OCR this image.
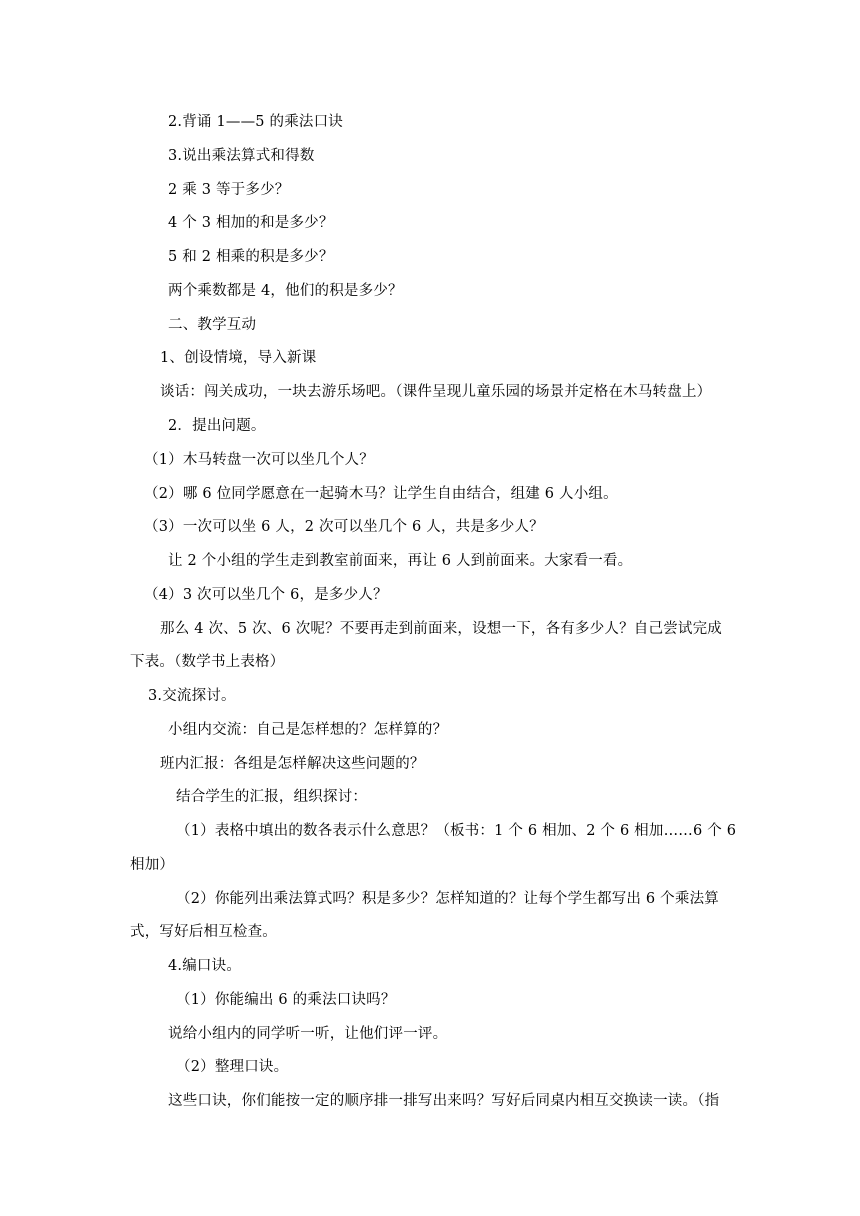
2.背诵 1——5 的乘法口诀
3.说出乘法算式和得数
2 乘 3 等于多少？
4 个 3 相加的和是多少？
5 和 2 相乘的积是多少？
两个乘数都是 4，他们的积是多少？
二、教学互动
1、创设情境，导入新课
谈话：闯关成功，一块去游乐场吧。（课件呈现儿童乐园的场景并定格在木马转盘上）
2．提出问题。
（1）木马转盘一次可以坐几个人？
（2）哪 6 位同学愿意在一起骑木马？让学生自由结合，组建 6 人小组。
（3）一次可以坐 6 人，2 次可以坐几个 6 人，共是多少人？
让 2 个小组的学生走到教室前面来，再让 6 人到前面来。大家看一看。
（4）3 次可以坐几个 6，是多少人？
那么 4 次、5 次、6 次呢？不要再走到前面来，设想一下，各有多少人？自己尝试完成
下表。（数学书上表格）
3.交流探讨。
小组内交流：自己是怎样想的？怎样算的？
班内汇报：各组是怎样解决这些问题的？
结合学生的汇报，组织探讨：
（1）表格中填出的数各表示什么意思？（板书：1 个 6 相加、2 个 6 相加……6 个 6
相加）
（2）你能列出乘法算式吗？积是多少？怎样知道的？让每个学生都写出 6 个乘法算
式，写好后相互检查。
4.编口诀。
（1）你能编出 6 的乘法口诀吗？
说给小组内的同学听一听，让他们评一评。
（2）整理口诀。
这些口诀，你们能按一定的顺序排一排写出来吗？写好后同桌内相互交换读一读。（指
